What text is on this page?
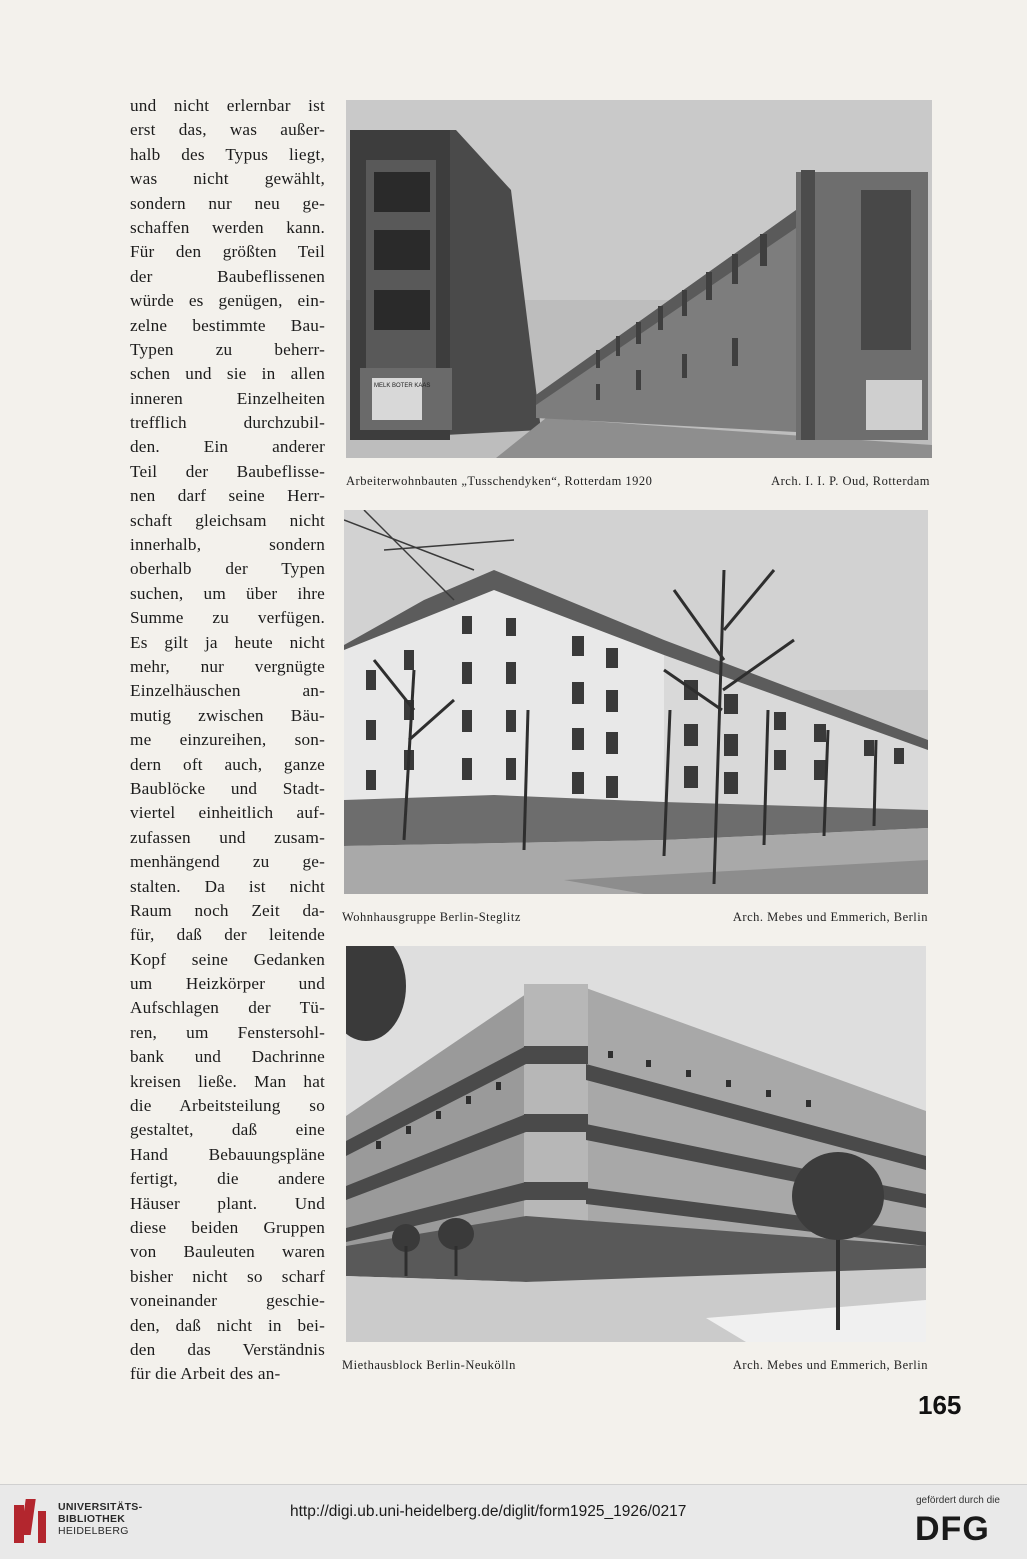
und nicht erlernbar ist
erst das, was außer-
halb des Typus liegt,
was nicht gewählt,
sondern nur neu ge-
schaffen werden kann.
Für den größten Teil
der Baubeflissenen
würde es genügen, ein-
zelne bestimmte Bau-
Typen zu beherr-
schen und sie in allen
inneren Einzelheiten
trefflich durchzubil-
den. Ein anderer
Teil der Baubeflisse-
nen darf seine Herr-
schaft gleichsam nicht
innerhalb, sondern
oberhalb der Typen
suchen, um über ihre
Summe zu verfügen.
Es gilt ja heute nicht
mehr, nur vergnügte
Einzelhäuschen an-
mutig zwischen Bäu-
me einzureihen, son-
dern oft auch, ganze
Baublöcke und Stadt-
viertel einheitlich auf-
zufassen und zusam-
menhängend zu ge-
stalten. Da ist nicht
Raum noch Zeit da-
für, daß der leitende
Kopf seine Gedanken
um Heizkörper und
Aufschlagen der Tü-
ren, um Fenstersohl-
bank und Dachrinne
kreisen ließe. Man hat
die Arbeitsteilung so
gestaltet, daß eine
Hand Bebauungspläne
fertigt, die andere
Häuser plant. Und
diese beiden Gruppen
von Bauleuten waren
bisher nicht so scharf
voneinander geschie-
den, daß nicht in bei-
den das Verständnis
für die Arbeit des an-
MELK BOTER KAAS
Arbeiterwohnbauten „Tusschendyken“, Rotterdam 1920	Arch. I. I. P. Oud, Rotterdam
Wohnhausgruppe Berlin-Steglitz	Arch. Mebes und Emmerich, Berlin
Miethausblock Berlin-Neukölln	Arch. Mebes und Emmerich, Berlin
165
UNIVERSITÄTS-
BIBLIOTHEK
HEIDELBERG
http://digi.ub.uni-heidelberg.de/diglit/form1925_1926/0217
gefördert durch die
DFG
